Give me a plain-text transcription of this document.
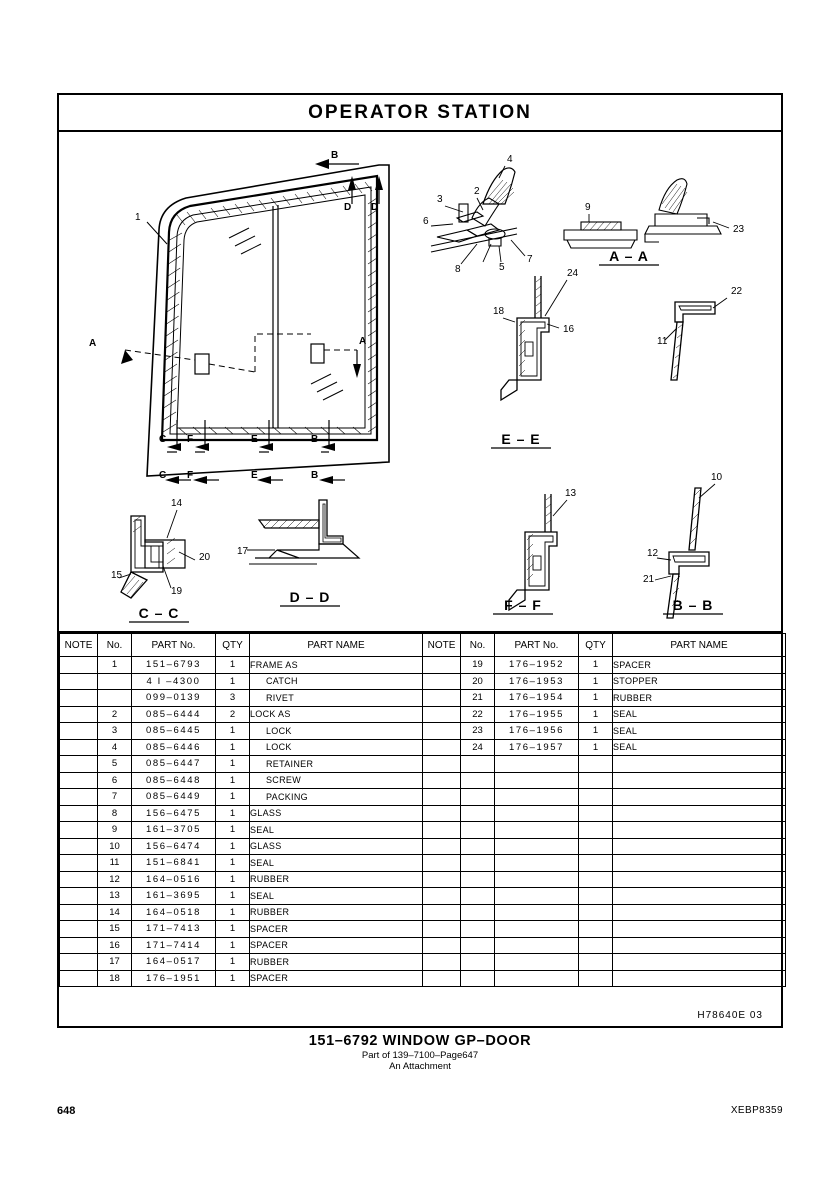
OPERATOR STATION
1
2
3
4
5
6
7
8
9
23
24
16
18
22
11
10
12
21
13
14
15
19
20
17
A	A
B
D D
C F	E	B
C F	E	B
A – A
E – E
C – C
D – D	F – F	B – B
NOTE	No.	PART No.	QTY	PART NAME	NOTE	No.	PART No.	QTY	PART NAME
	1	151–6793	1	FRAME AS		19	176–1952	1	SPACER
		4 I –4300	1	CATCH		20	176–1953	1	STOPPER
		099–0139	3	RIVET		21	176–1954	1	RUBBER
	2	085–6444	2	LOCK AS		22	176–1955	1	SEAL
	3	085–6445	1	LOCK		23	176–1956	1	SEAL
	4	085–6446	1	LOCK		24	176–1957	1	SEAL
	5	085–6447	1	RETAINER					
	6	085–6448	1	SCREW					
	7	085–6449	1	PACKING					
	8	156–6475	1	GLASS					
	9	161–3705	1	SEAL					
	10	156–6474	1	GLASS					
	11	151–6841	1	SEAL					
	12	164–0516	1	RUBBER					
	13	161–3695	1	SEAL					
	14	164–0518	1	RUBBER					
	15	171–7413	1	SPACER					
	16	171–7414	1	SPACER					
	17	164–0517	1	RUBBER					
	18	176–1951	1	SPACER					
H78640E 03
151–6792 WINDOW GP–DOOR
Part of 139–7100–Page647
An Attachment
648	XEBP8359
